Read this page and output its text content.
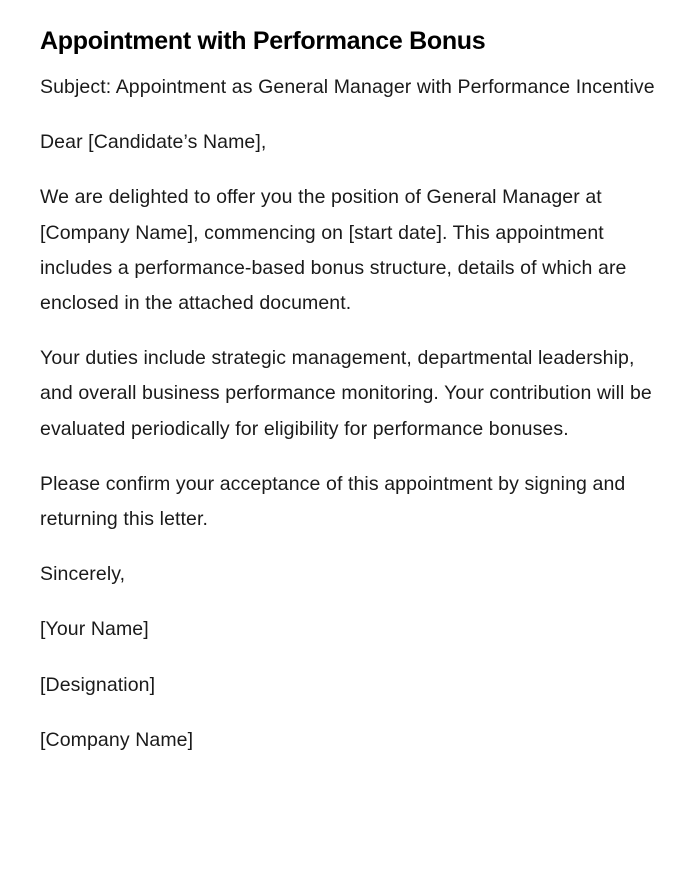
Appointment with Performance Bonus

Subject: Appointment as General Manager with Performance Incentive

Dear [Candidate’s Name],

We are delighted to offer you the position of General Manager at [Company Name], commencing on [start date]. This appointment includes a performance-based bonus structure, details of which are enclosed in the attached document.

Your duties include strategic management, departmental leadership, and overall business performance monitoring. Your contribution will be evaluated periodically for eligibility for performance bonuses.

Please confirm your acceptance of this appointment by signing and returning this letter.

Sincerely,

[Your Name]

[Designation]

[Company Name]
